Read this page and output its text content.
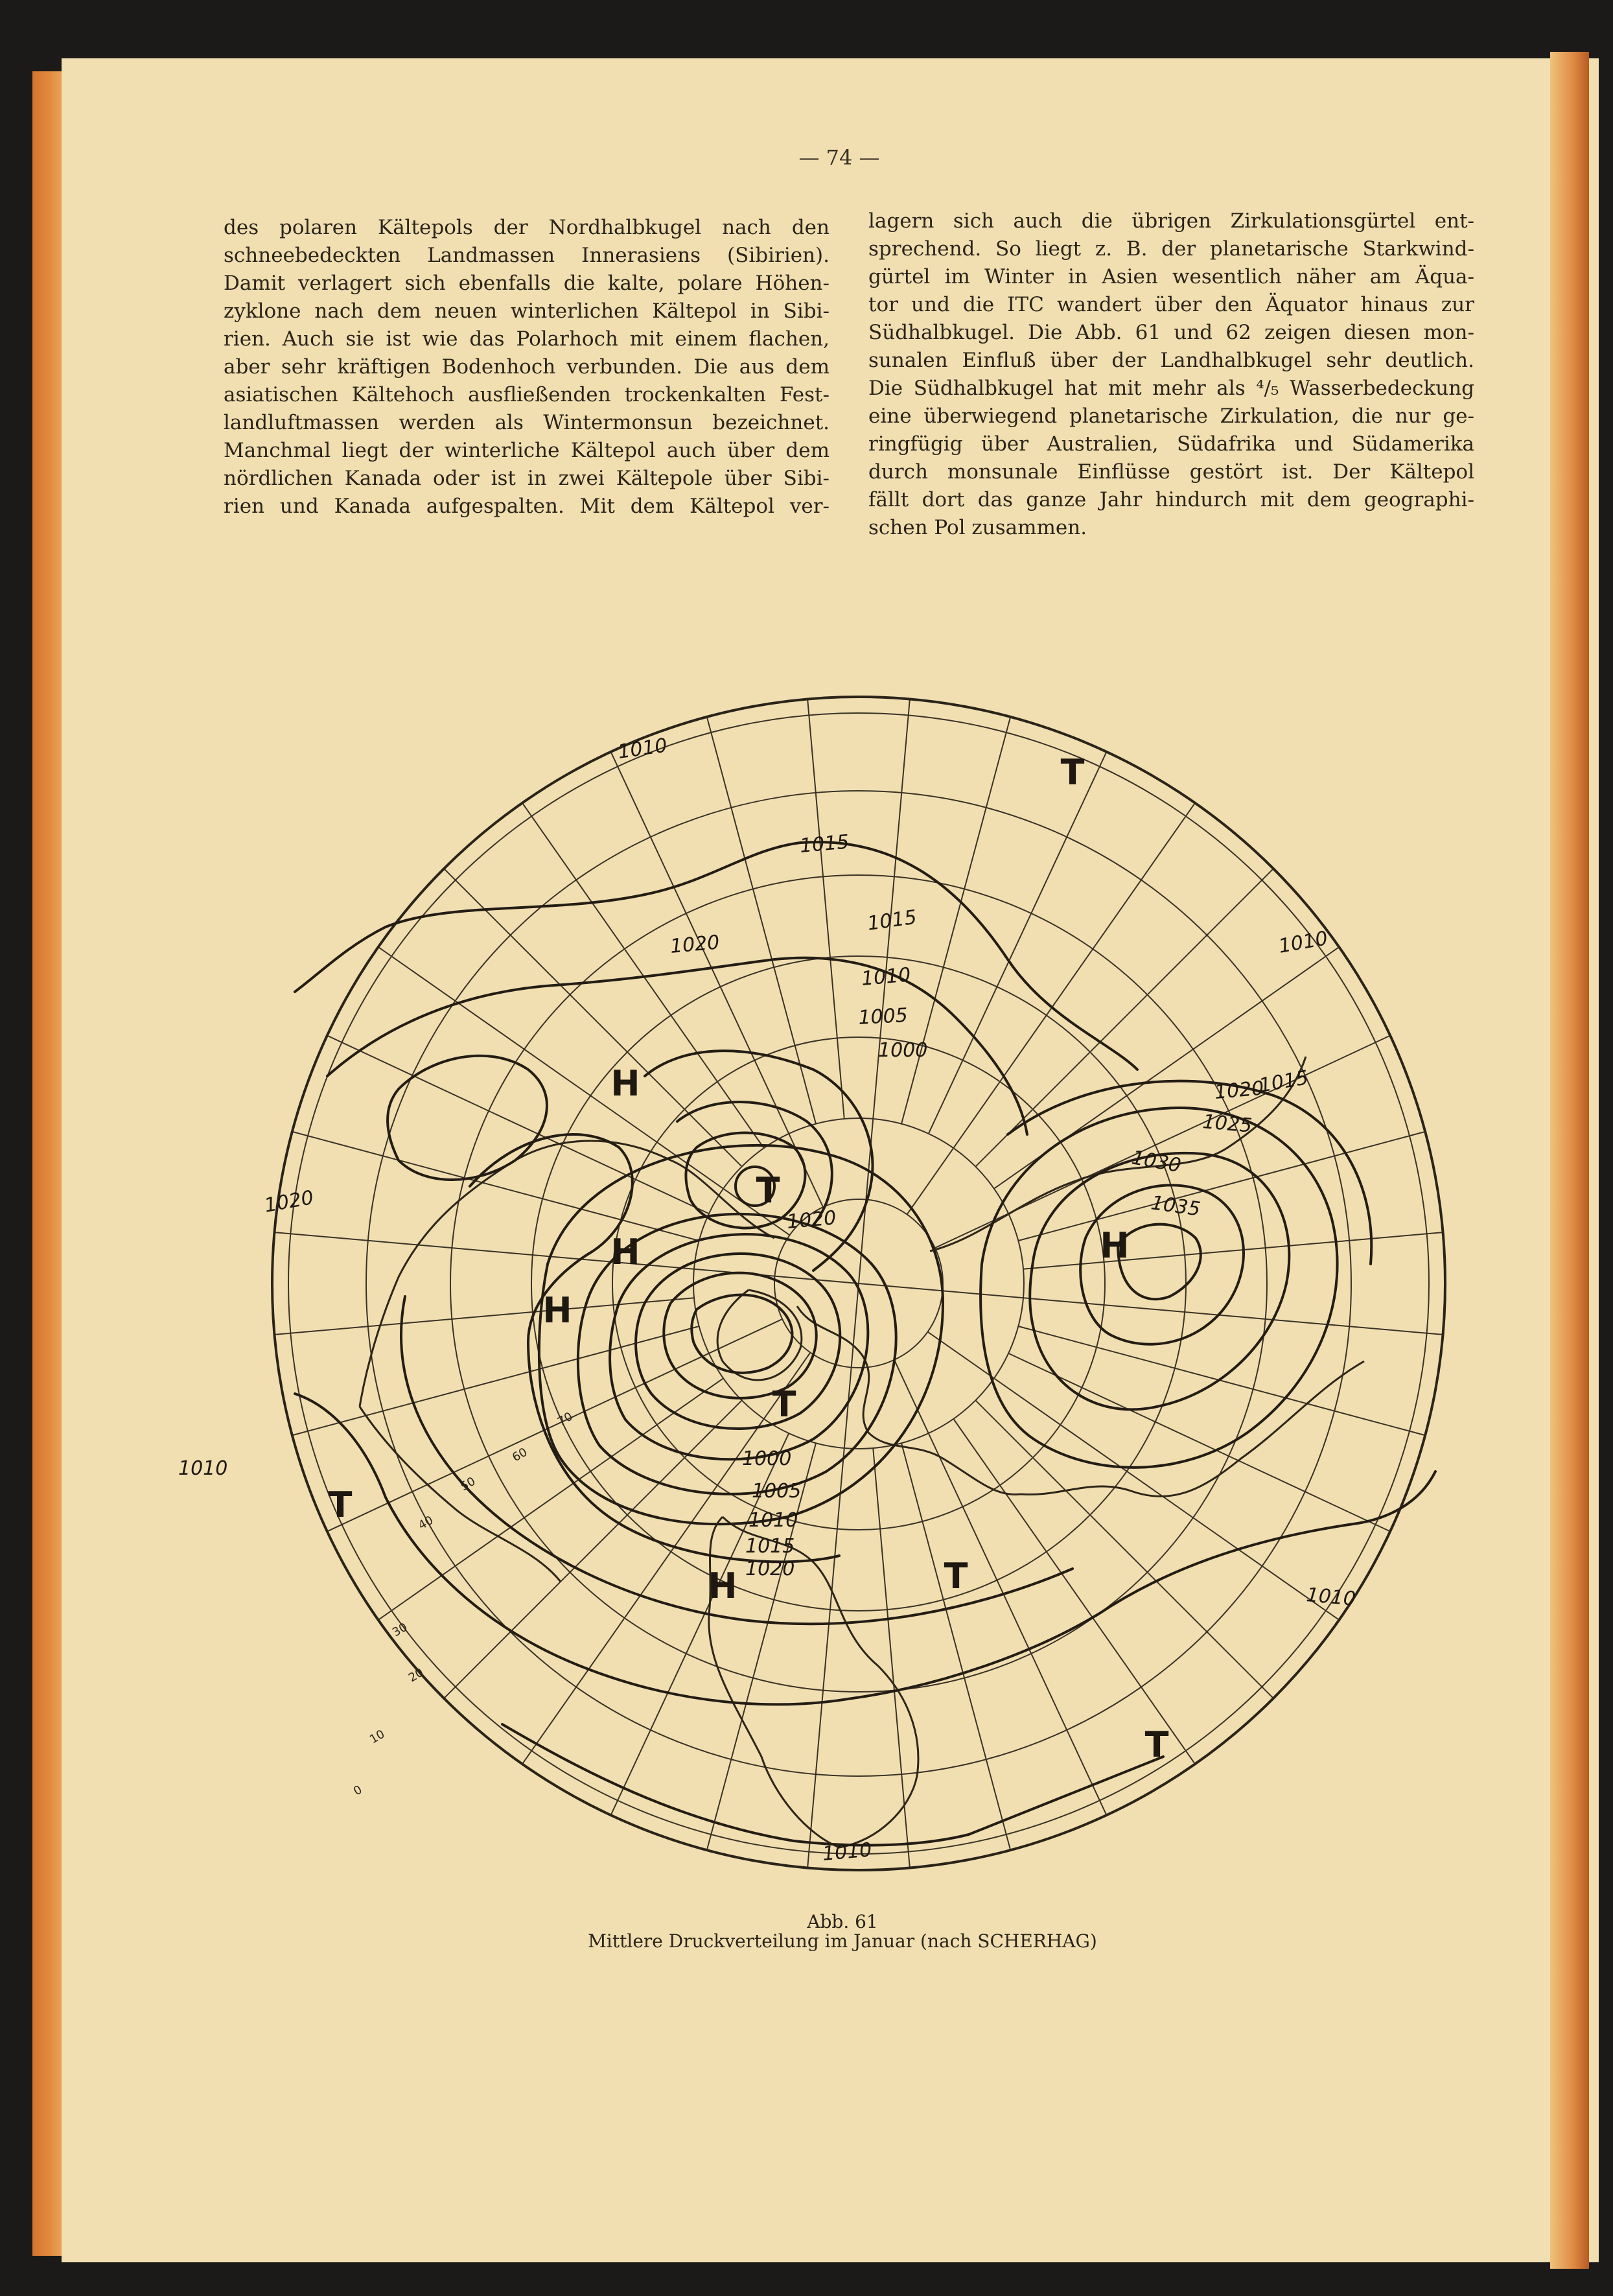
— 74 —
des polaren Kältepols der Nordhalbkugel nach den
schneebedeckten Landmassen Innerasiens (Sibirien).
Damit verlagert sich ebenfalls die kalte, polare Höhen-
zyklone nach dem neuen winterlichen Kältepol in Sibi-
rien. Auch sie ist wie das Polarhoch mit einem flachen,
aber sehr kräftigen Bodenhoch verbunden. Die aus dem
asiatischen Kältehoch ausfließenden trockenkalten Fest-
landluftmassen werden als Wintermonsun bezeichnet.
Manchmal liegt der winterliche Kältepol auch über dem
nördlichen Kanada oder ist in zwei Kältepole über Sibi-
rien und Kanada aufgespalten. Mit dem Kältepol ver-
lagern sich auch die übrigen Zirkulationsgürtel ent-
sprechend. So liegt z. B. der planetarische Starkwind-
gürtel im Winter in Asien wesentlich näher am Äqua-
tor und die ITC wandert über den Äquator hinaus zur
Südhalbkugel. Die Abb. 61 und 62 zeigen diesen mon-
sunalen Einfluß über der Landhalbkugel sehr deutlich.
Die Südhalbkugel hat mit mehr als ⁴/₅ Wasserbedeckung
eine überwiegend planetarische Zirkulation, die nur ge-
ringfügig über Australien, Südafrika und Südamerika
durch monsunale Einflüsse gestört ist. Der Kältepol
fällt dort das ganze Jahr hindurch mit dem geographi-
schen Pol zusammen.
1010
1015
1015
1010
1005
1000
1020	1010
1020
1015
1025
1030
1035
1020
1020
1010	1000
1005
1010
1015
1020
1010
1010
T
H
T
H	H
H
T
T
H	T
T
30
20
10
0
40
50
60
70
Abb. 61
Mittlere Druckverteilung im Januar (nach SCHERHAG)
